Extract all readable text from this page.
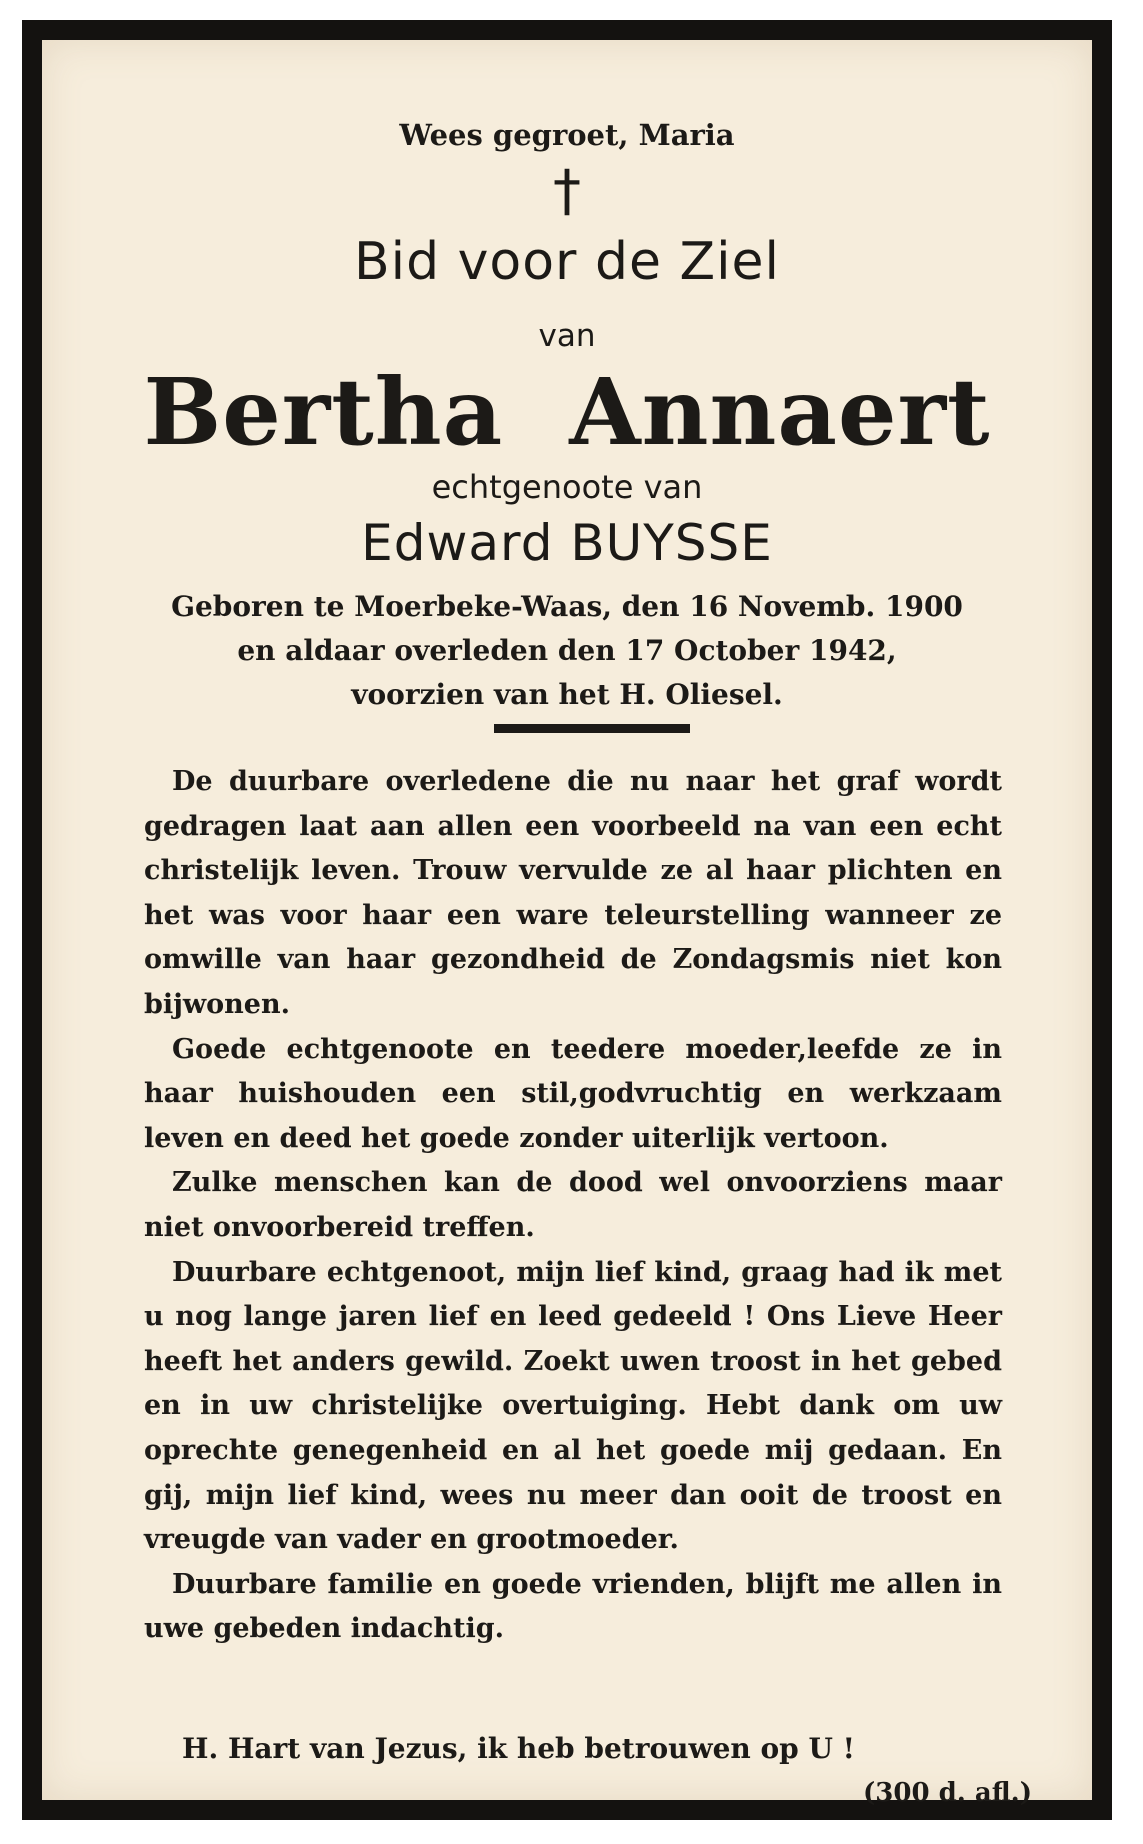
Wees gegroet, Maria
†
Bid voor de Ziel
van
Bertha  Annaert
echtgenoote van
Edward BUYSSE
Geboren te Moerbeke-Waas, den 16 Novemb. 1900
en aldaar overleden den 17 October 1942,
voorzien van het H. Oliesel.

De duurbare overledene die nu naar het graf wordt gedragen laat aan allen een voorbeeld na van een echt christelijk leven. Trouw vervulde ze al haar plichten en het was voor haar een ware teleurstelling wanneer ze omwille van haar gezondheid de Zondagsmis niet kon bijwonen.

Goede echtgenoote en teedere moeder,leefde ze in haar huishouden een stil,godvruchtig en werkzaam leven en deed het goede zonder uiterlijk vertoon.

Zulke menschen kan de dood wel onvoorziens maar niet onvoorbereid treffen.

Duurbare echtgenoot, mijn lief kind, graag had ik met u nog lange jaren lief en leed gedeeld ! Ons Lieve Heer heeft het anders gewild. Zoekt uwen troost in het gebed en in uw christelijke overtuiging. Hebt dank om uw oprechte genegenheid en al het goede mij gedaan. En gij, mijn lief kind, wees nu meer dan ooit de troost en vreugde van vader en grootmoeder.

Duurbare familie en goede vrienden, blijft me allen in uwe gebeden indachtig.

H. Hart van Jezus, ik heb betrouwen op U !
(300 d. afl.)
